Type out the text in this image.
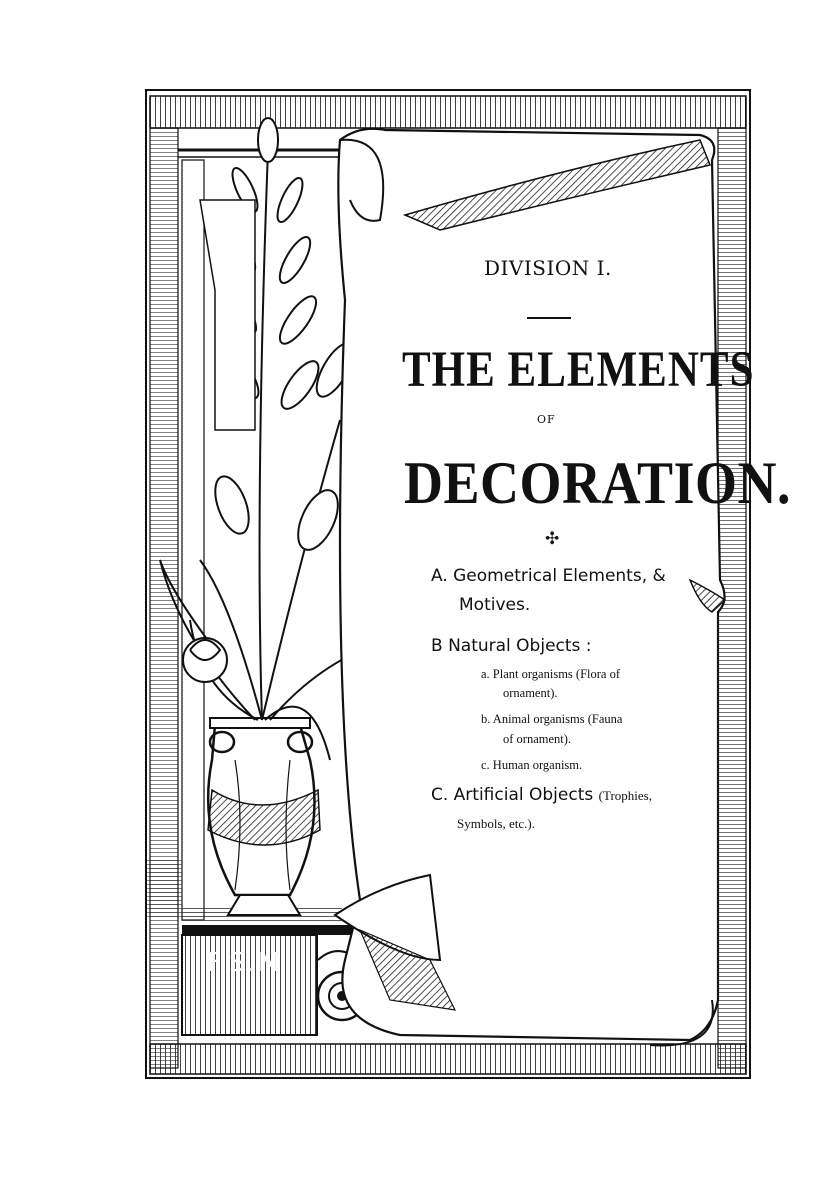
DIVISION I.
THE ELEMENTS
OF
DECORATION.
✣
A. Geometrical Elements, &
Motives.
B Natural Objects :
a. Plant organisms (Flora of
ornament).
b. Animal organisms (Fauna
of ornament).
c. Human organism.
C. Artificial Objects (Trophies,
Symbols, etc.).
F.S.M
